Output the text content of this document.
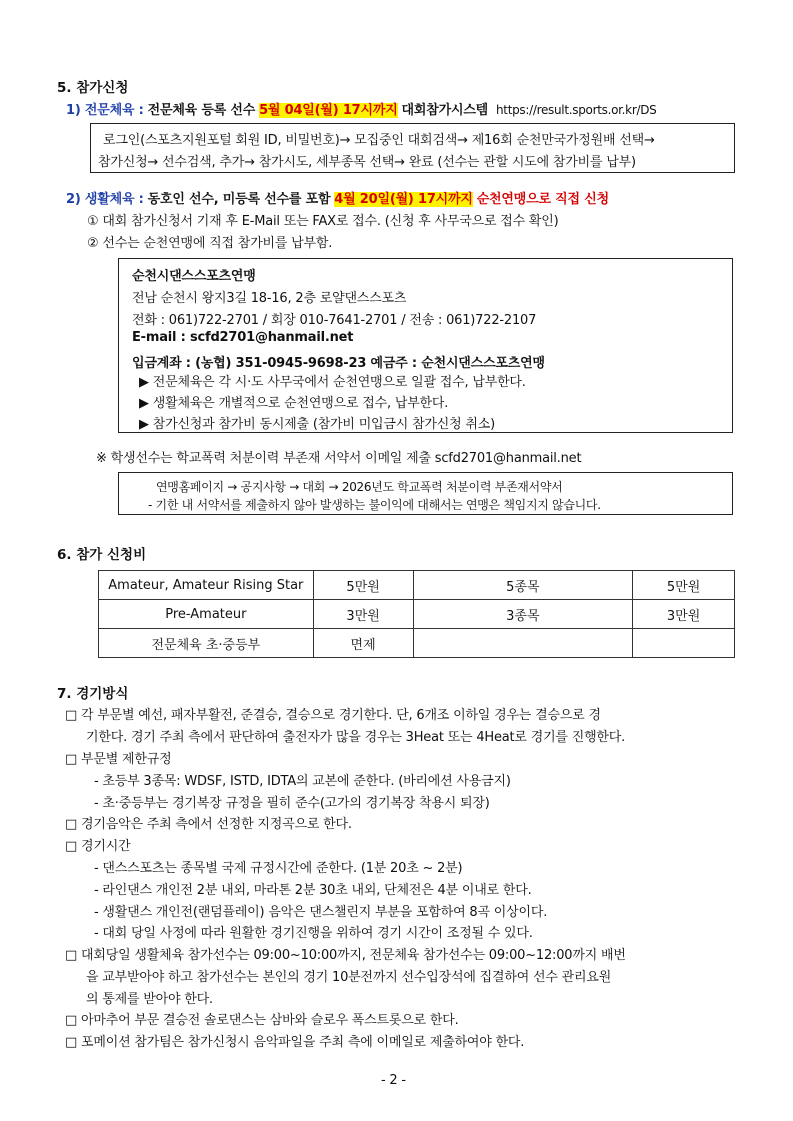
5. 참가신청
1) 전문체육 : 전문체육 등록 선수 5월 04일(월) 17시까지 대회참가시스템 https://result.sports.or.kr/DS
로그인(스포츠지원포털 회원 ID, 비밀번호)→ 모집중인 대회검색→ 제16회 순천만국가정원배 선택→
참가신청→ 선수검색, 추가→ 참가시도, 세부종목 선택→ 완료 (선수는 관할 시도에 참가비를 납부)
2) 생활체육 : 동호인 선수, 미등록 선수를 포함 4월 20일(월) 17시까지 순천연맹으로 직접 신청
① 대회 참가신청서 기재 후 E-Mail 또는 FAX로 접수. (신청 후 사무국으로 접수 확인)
② 선수는 순천연맹에 직접 참가비를 납부함.
순천시댄스스포츠연맹
전남 순천시 왕지3길 18-16, 2층 로얄댄스스포츠
전화 : 061)722-2701 / 회장 010-7641-2701 / 전송 : 061)722-2107
E-mail : scfd2701@hanmail.net
입금계좌 : (농협) 351-0945-9698-23 예금주 : 순천시댄스스포츠연맹
▶ 전문체육은 각 시·도 사무국에서 순천연맹으로 일괄 접수, 납부한다.
▶ 생활체육은 개별적으로 순천연맹으로 접수, 납부한다.
▶ 참가신청과 참가비 동시제출 (참가비 미입금시 참가신청 취소)
※ 학생선수는 학교폭력 처분이력 부존재 서약서 이메일 제출 scfd2701@hanmail.net
연맹홈페이지 → 공지사항 → 대회 → 2026년도 학교폭력 처분이력 부존재서약서
- 기한 내 서약서를 제출하지 않아 발생하는 불이익에 대해서는 연맹은 책임지지 않습니다.
6. 참가 신청비
Amateur, Amateur Rising Star	5만원	5종목	5만원
Pre-Amateur	3만원	3종목	3만원
전문체육 초·중등부	면제		
7. 경기방식
□ 각 부문별 예선, 패자부활전, 준결승, 결승으로 경기한다. 단, 6개조 이하일 경우는 결승으로 경
기한다. 경기 주최 측에서 판단하여 출전자가 많을 경우는 3Heat 또는 4Heat로 경기를 진행한다.
□ 부문별 제한규정
- 초등부 3종목: WDSF, ISTD, IDTA의 교본에 준한다. (바리에션 사용금지)
- 초·중등부는 경기복장 규정을 필히 준수(고가의 경기복장 착용시 퇴장)
□ 경기음악은 주최 측에서 선정한 지정곡으로 한다.
□ 경기시간
- 댄스스포츠는 종목별 국제 규정시간에 준한다. (1분 20초 ~ 2분)
- 라인댄스 개인전 2분 내외, 마라톤 2분 30초 내외, 단체전은 4분 이내로 한다.
- 생활댄스 개인전(랜덤플레이) 음악은 댄스챌린지 부분을 포함하여 8곡 이상이다.
- 대회 당일 사정에 따라 원활한 경기진행을 위하여 경기 시간이 조정될 수 있다.
□ 대회당일 생활체육 참가선수는 09:00~10:00까지, 전문체육 참가선수는 09:00~12:00까지 배번
을 교부받아야 하고 참가선수는 본인의 경기 10분전까지 선수입장석에 집결하여 선수 관리요원
의 통제를 받아야 한다.
□ 아마추어 부문 결승전 솔로댄스는 삼바와 슬로우 폭스트롯으로 한다.
□ 포메이션 참가팀은 참가신청시 음악파일을 주최 측에 이메일로 제출하여야 한다.
- 2 -
